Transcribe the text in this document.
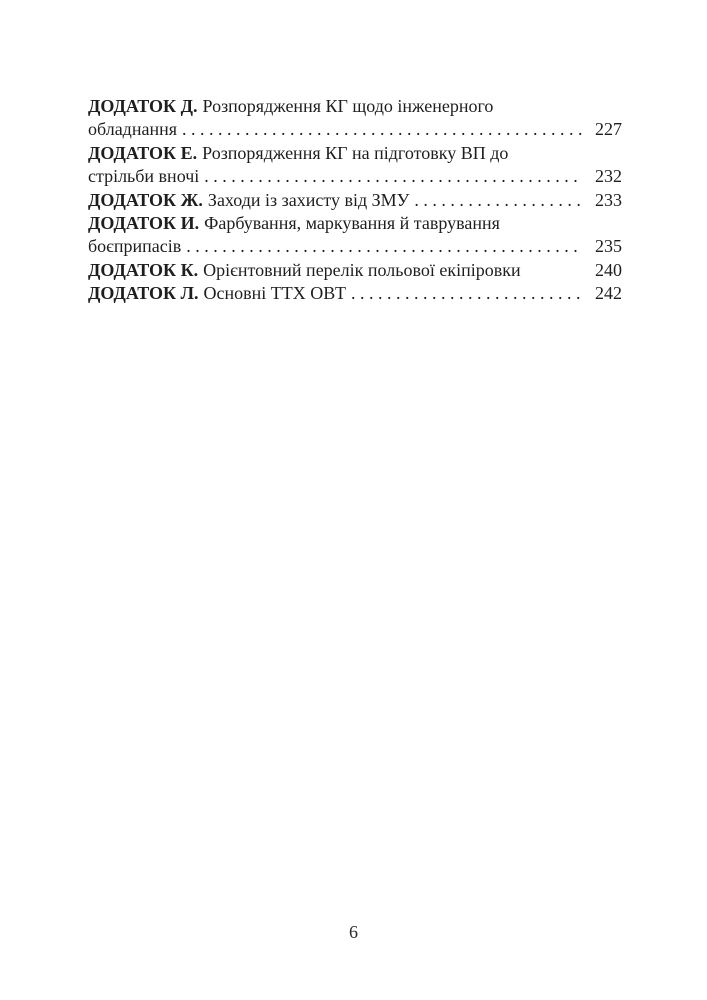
ДОДАТОК Д. Розпорядження КГ щодо інженерного
обладнання . . .	227
ДОДАТОК Е. Розпорядження КГ на підготовку ВП до
стрільби вночі . . .	232
ДОДАТОК Ж. Заходи із захисту від ЗМУ . . .	233
ДОДАТОК И. Фарбування, маркування й таврування
боєприпасів . . .	235
ДОДАТОК К. Орієнтовний перелік польової екіпіровки	240
ДОДАТОК Л. Основні ТТХ ОВТ . . .	242
6
